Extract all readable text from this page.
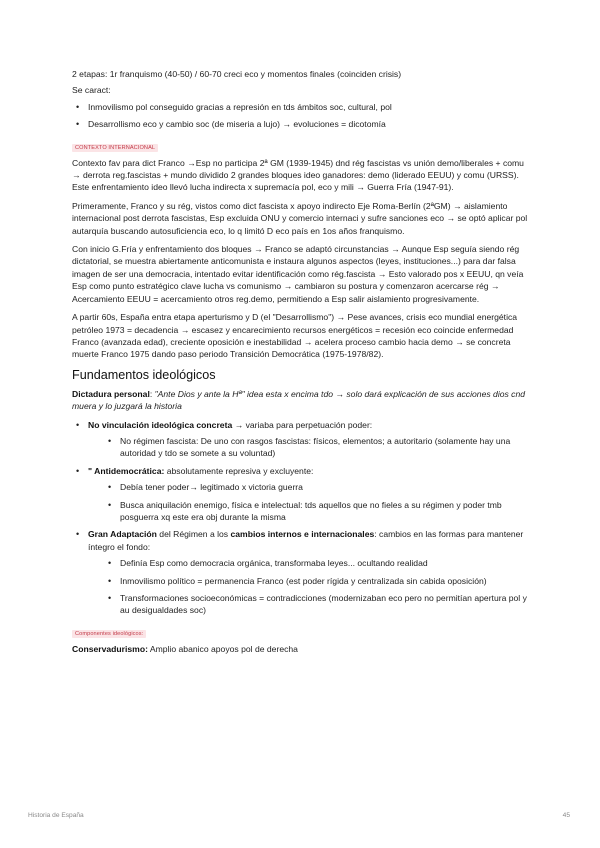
2 etapas: 1r franquismo (40-50) / 60-70 creci eco y momentos finales (coinciden crisis)

Se caract:

• Inmovilismo pol conseguido gracias a represión en tds ámbitos soc, cultural, pol
• Desarrollismo eco y cambio soc (de miseria a lujo) → evoluciones = dicotomía
CONTEXTO INTERNACIONAL

Contexto fav para dict Franco →Esp no participa 2ª GM (1939-1945) dnd rég fascistas vs unión demo/liberales + comu → derrota reg.fascistas + mundo dividido 2 grandes bloques ideo ganadores: demo (liderado EEUU) y comu (URSS). Este enfrentamiento ideo llevó lucha indirecta x supremacía pol, eco y mili → Guerra Fría (1947-91).

Primeramente, Franco y su rég, vistos como dict fascista x apoyo indirecto Eje Roma-Berlín (2ªGM) → aislamiento internacional post derrota fascistas, Esp excluida ONU y comercio internaci y sufre sanciones eco → se optó aplicar pol autarquía buscando autosuficiencia eco, lo q limitó D eco país en 1os años franquismo.

Con inicio G.Fría y enfrentamiento dos bloques → Franco se adaptó circunstancias → Aunque Esp seguía siendo rég dictatorial, se muestra abiertamente anticomunista e instaura algunos aspectos (leyes, instituciones...) para dar falsa imagen de ser una democracia, intentado evitar identificación como rég.fascista → Esto valorado pos x EEUU, qn veía Esp como punto estratégico clave lucha vs comunismo → cambiaron su postura y comenzaron acercarse rég → Acercamiento EEUU = acercamiento otros reg.demo, permitiendo a Esp salir aislamiento progresivamente.

A partir 60s, España entra etapa aperturismo y D (el "Desarrollismo") → Pese avances, crisis eco mundial energética petróleo 1973 = decadencia → escasez y encarecimiento recursos energéticos = recesión eco coincide enfermedad Franco (avanzada edad), creciente oposición e inestabilidad → acelera proceso cambio hacia demo → se concreta muerte Franco 1975 dando paso periodo Transición Democrática (1975-1978/82).

Fundamentos ideológicos

Dictadura personal: "Ante Dios y ante la Hª" idea esta x encima tdo → solo dará explicación de sus acciones dios cnd muera y lo juzgará la historia

• No vinculación ideológica concreta → variaba para perpetuación poder:
• No régimen fascista: De uno con rasgos fascistas: físicos, elementos; a autoritario (solamente hay una autoridad y tdo se somete a su voluntad)
• " Antidemocrática: absolutamente represiva y excluyente:
• Debía tener poder→ legitimado x victoria guerra
• Busca aniquilación enemigo, física e intelectual: tds aquellos que no fieles a su régimen y poder tmb posguerra xq este era obj durante la misma
• Gran Adaptación del Régimen a los cambios internos e internacionales: cambios en las formas para mantener íntegro el fondo:
• Definía Esp como democracia orgánica, transformaba leyes... ocultando realidad
• Inmovilismo político = permanencia Franco (est poder rígida y centralizada sin cabida oposición)
• Transformaciones socioeconómicas = contradicciones (modernizaban eco pero no permitían apertura pol y au desigualdades soc)
Componentes ideológicos:

Conservadurismo: Amplio abanico apoyos pol de derecha

Historia de España	45
